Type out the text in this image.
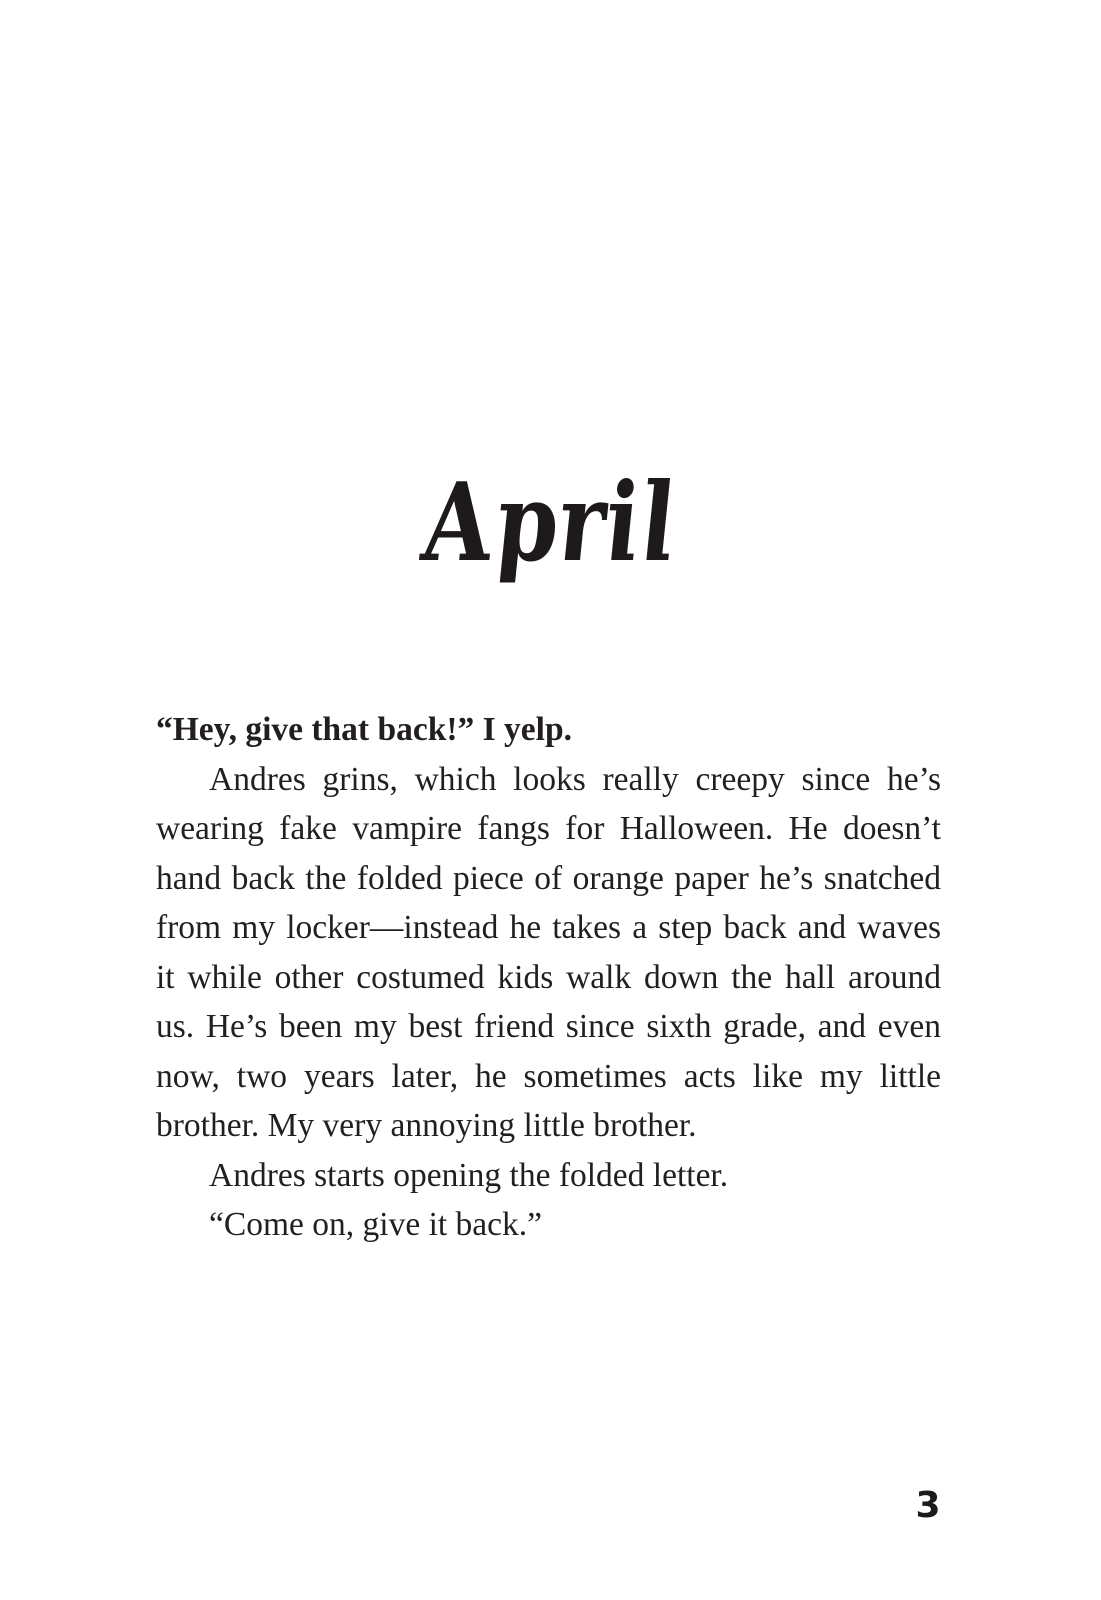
April

“Hey, give that back!” I yelp.

Andres grins, which looks really creepy since he’s wearing fake vampire fangs for Halloween. He doesn’t hand back the folded piece of orange paper he’s snatched from my locker—instead he takes a step back and waves it while other costumed kids walk down the hall around us. He’s been my best friend since sixth grade, and even now, two years later, he sometimes acts like my little brother. My very annoying little brother.

Andres starts opening the folded letter.

“Come on, give it back.”

3
